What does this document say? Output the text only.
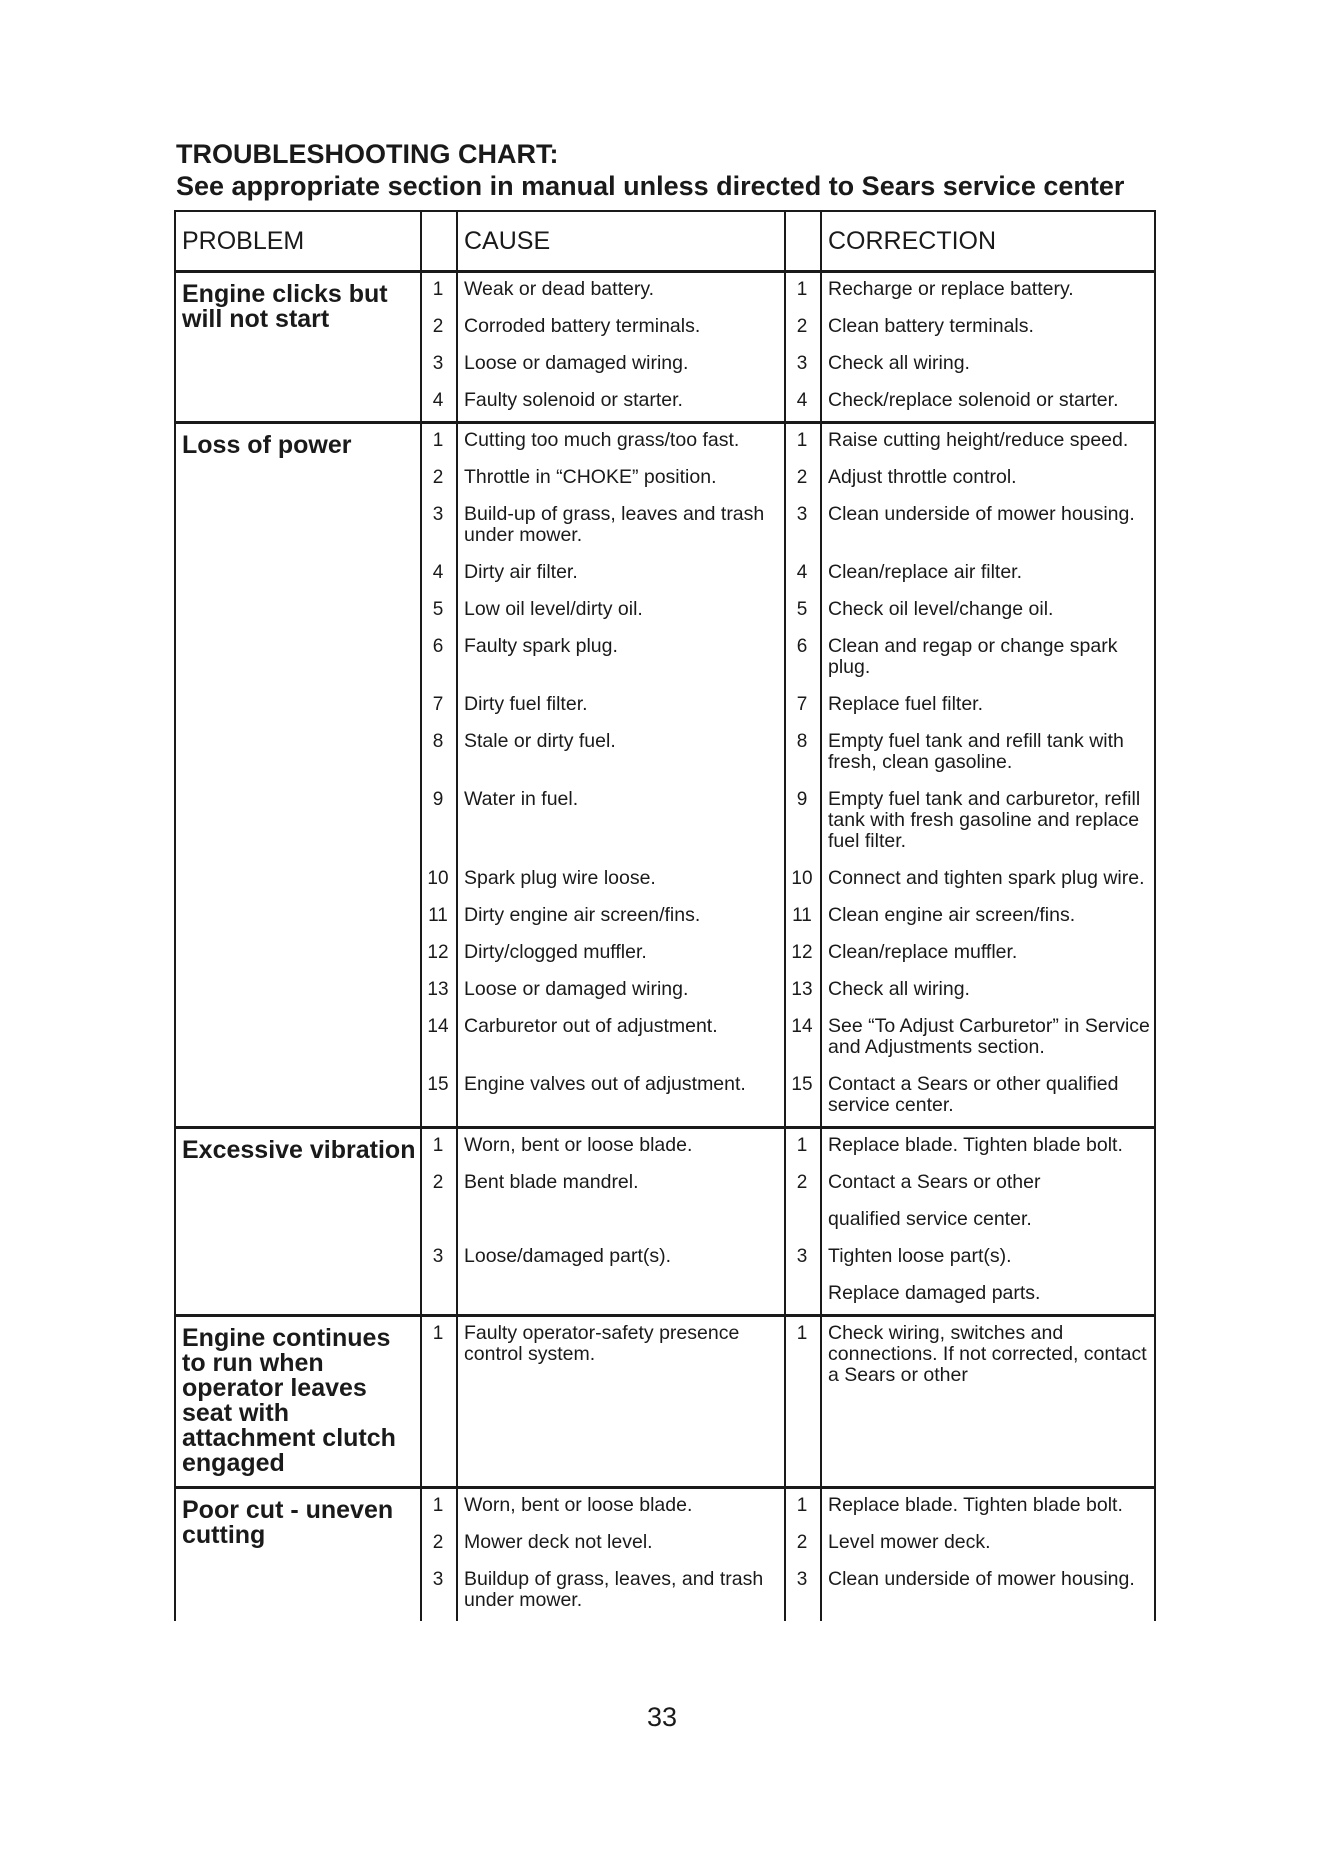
TROUBLESHOOTING CHART:
See appropriate section in manual unless directed to Sears service center
PROBLEM		CAUSE		CORRECTION
Engine clicks but will not start	1	Weak or dead battery.	1	Recharge or replace battery.
	2	Corroded battery terminals.	2	Clean battery terminals.
	3	Loose or damaged wiring.	3	Check all wiring.
	4	Faulty solenoid or starter.	4	Check/replace solenoid or starter.
Loss of power	1	Cutting too much grass/too fast.	1	Raise cutting height/reduce speed.
	2	Throttle in “CHOKE” position.	2	Adjust throttle control.
	3	Build-up of grass, leaves and trash under mower.	3	Clean underside of mower housing.
	4	Dirty air filter.	4	Clean/replace air filter.
	5	Low oil level/dirty oil.	5	Check oil level/change oil.
	6	Faulty spark plug.	6	Clean and regap or change spark plug.
	7	Dirty fuel filter.	7	Replace fuel filter.
	8	Stale or dirty fuel.	8	Empty fuel tank and refill tank with fresh, clean gasoline.
	9	Water in fuel.	9	Empty fuel tank and carburetor, refill tank with fresh gasoline and replace fuel filter.
	10	Spark plug wire loose.	10	Connect and tighten spark plug wire.
	11	Dirty engine air screen/fins.	11	Clean engine air screen/fins.
	12	Dirty/clogged muffler.	12	Clean/replace muffler.
	13	Loose or damaged wiring.	13	Check all wiring.
	14	Carburetor out of adjustment.	14	See “To Adjust Carburetor” in Service and Adjustments section.
	15	Engine valves out of adjustment.	15	Contact a Sears or other qualified service center.
Excessive vibration	1	Worn, bent or loose blade.	1	Replace blade. Tighten blade bolt.
	2	Bent blade mandrel.	2	Contact a Sears or other
				qualified service center.
	3	Loose/damaged part(s).	3	Tighten loose part(s).
				Replace damaged parts.
Engine continues to run when operator leaves seat with attachment clutch engaged	1	Faulty operator-safety presence control system.	1	Check wiring, switches and connections. If not corrected, contact a Sears or other
Poor cut - uneven cutting	1	Worn, bent or loose blade.	1	Replace blade. Tighten blade bolt.
	2	Mower deck not level.	2	Level mower deck.
	3	Buildup of grass, leaves, and trash under mower.	3	Clean underside of mower housing.
33
